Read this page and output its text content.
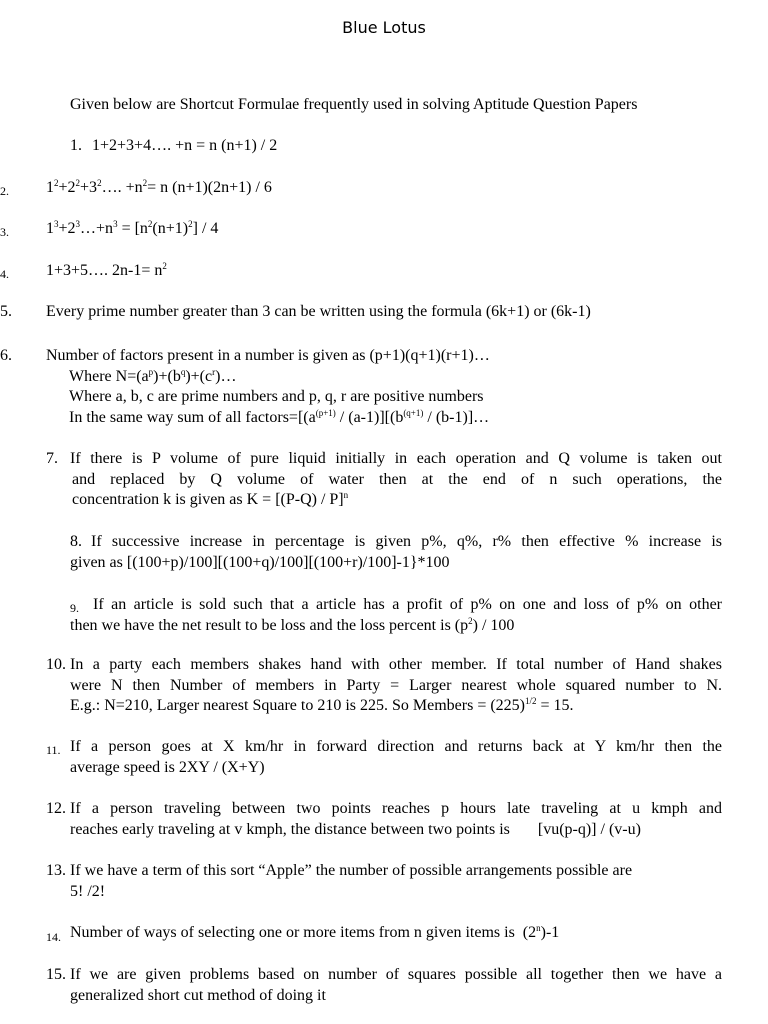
Blue Lotus
Given below are Shortcut Formulae frequently used in solving Aptitude Question Papers
1. 1+2+3+4…. +n = n (n+1) / 2
2. $1^2+2^2+3^2\dots$. $+n^2= n$ (n+1)(2n+1) / 6
3. $1^3+2^3\dots+n^3 = [n^2(n+1)^2] / 4$
4. 1+3+5…. $2n-1= n^2$
5. Every prime number greater than 3 can be written using the formula (6k+1) or (6k-1)
6. Number of factors present in a number is given as (p+1)(q+1)(r+1)…
Where $N=(a^p)+(b^q)+(c^r)\dots$
Where a, b, c are prime numbers and p, q, r are positive numbers
In the same way sum of all $factors=[(a^{(p+1)} / (a-1)][(b^{(q+1)}$ / (b-1)]…
7. If there is P volume of pure liquid initially in each operation and Q volume is taken out
and replaced by Q volume of water then at the end of n such operations, the
concentration k is given as K = [(P-Q) / P]$^n$
8. If successive increase in percentage is given p%, q%, r% then effective % increase is
given as [(100+p)/100][(100+q)/100][(100+r)/100]-1}*100
9. If an article is sold such that a article has a profit of p% on one and loss of p% on other
then we have the net result to be loss and the loss percent is $(p^2) / 100$
10. In a party each members shakes hand with other member. If total number of Hand shakes
were N then Number of members in Party = Larger nearest whole squared number to N.
E.g.: N=210, Larger nearest Square to 210 is 225. So Members = $(225)^{1/2} = 15$.
11. If a person goes at X km/hr in forward direction and returns back at Y km/hr then the
average speed is 2XY / (X+Y)
12. If a person traveling between two points reaches p hours late traveling at u kmph and
reaches early traveling at v kmph, the distance between two points is       [vu(p-q)] / (v-u)
13. If we have a term of this sort “Apple” the number of possible arrangements possible are
5! /2!
14. Number of ways of selecting one or more items from n given items is  (2$^n$)-1
15. If we are given problems based on number of squares possible all together then we have a
generalized short cut method of doing it
